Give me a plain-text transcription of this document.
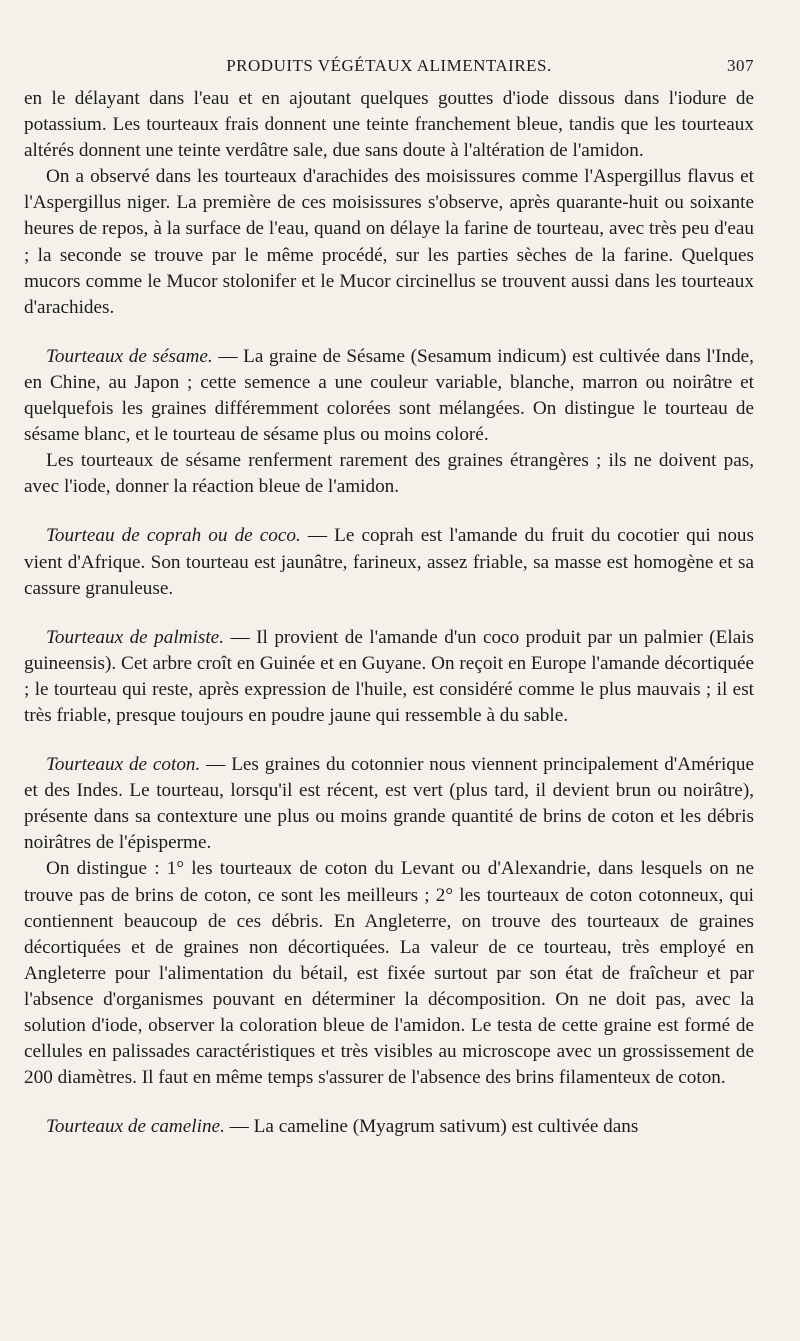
PRODUITS VÉGÉTAUX ALIMENTAIRES.	307

en le délayant dans l'eau et en ajoutant quelques gouttes d'iode dissous dans l'iodure de potassium. Les tourteaux frais donnent une teinte franchement bleue, tandis que les tourteaux altérés donnent une teinte verdâtre sale, due sans doute à l'altération de l'amidon.

On a observé dans les tourteaux d'arachides des moisissures comme l'Aspergillus flavus et l'Aspergillus niger. La première de ces moisissures s'observe, après quarante-huit ou soixante heures de repos, à la surface de l'eau, quand on délaye la farine de tourteau, avec très peu d'eau ; la seconde se trouve par le même procédé, sur les parties sèches de la farine. Quelques mucors comme le Mucor stolonifer et le Mucor circinellus se trouvent aussi dans les tourteaux d'arachides.

Tourteaux de sésame. — La graine de Sésame (Sesamum indicum) est cultivée dans l'Inde, en Chine, au Japon ; cette semence a une couleur variable, blanche, marron ou noirâtre et quelquefois les graines différemment colorées sont mélangées. On distingue le tourteau de sésame blanc, et le tourteau de sésame plus ou moins coloré.

Les tourteaux de sésame renferment rarement des graines étrangères ; ils ne doivent pas, avec l'iode, donner la réaction bleue de l'amidon.

Tourteau de coprah ou de coco. — Le coprah est l'amande du fruit du cocotier qui nous vient d'Afrique. Son tourteau est jaunâtre, farineux, assez friable, sa masse est homogène et sa cassure granuleuse.

Tourteaux de palmiste. — Il provient de l'amande d'un coco produit par un palmier (Elais guineensis). Cet arbre croît en Guinée et en Guyane. On reçoit en Europe l'amande décortiquée ; le tourteau qui reste, après expression de l'huile, est considéré comme le plus mauvais ; il est très friable, presque toujours en poudre jaune qui ressemble à du sable.

Tourteaux de coton. — Les graines du cotonnier nous viennent principalement d'Amérique et des Indes. Le tourteau, lorsqu'il est récent, est vert (plus tard, il devient brun ou noirâtre), présente dans sa contexture une plus ou moins grande quantité de brins de coton et les débris noirâtres de l'épisperme.

On distingue : 1° les tourteaux de coton du Levant ou d'Alexandrie, dans lesquels on ne trouve pas de brins de coton, ce sont les meilleurs ; 2° les tourteaux de coton cotonneux, qui contiennent beaucoup de ces débris. En Angleterre, on trouve des tourteaux de graines décortiquées et de graines non décortiquées. La valeur de ce tourteau, très employé en Angleterre pour l'alimentation du bétail, est fixée surtout par son état de fraîcheur et par l'absence d'organismes pouvant en déterminer la décomposition. On ne doit pas, avec la solution d'iode, observer la coloration bleue de l'amidon. Le testa de cette graine est formé de cellules en palissades caractéristiques et très visibles au microscope avec un grossissement de 200 diamètres. Il faut en même temps s'assurer de l'absence des brins filamenteux de coton.

Tourteaux de cameline. — La cameline (Myagrum sativum) est cultivée dans
